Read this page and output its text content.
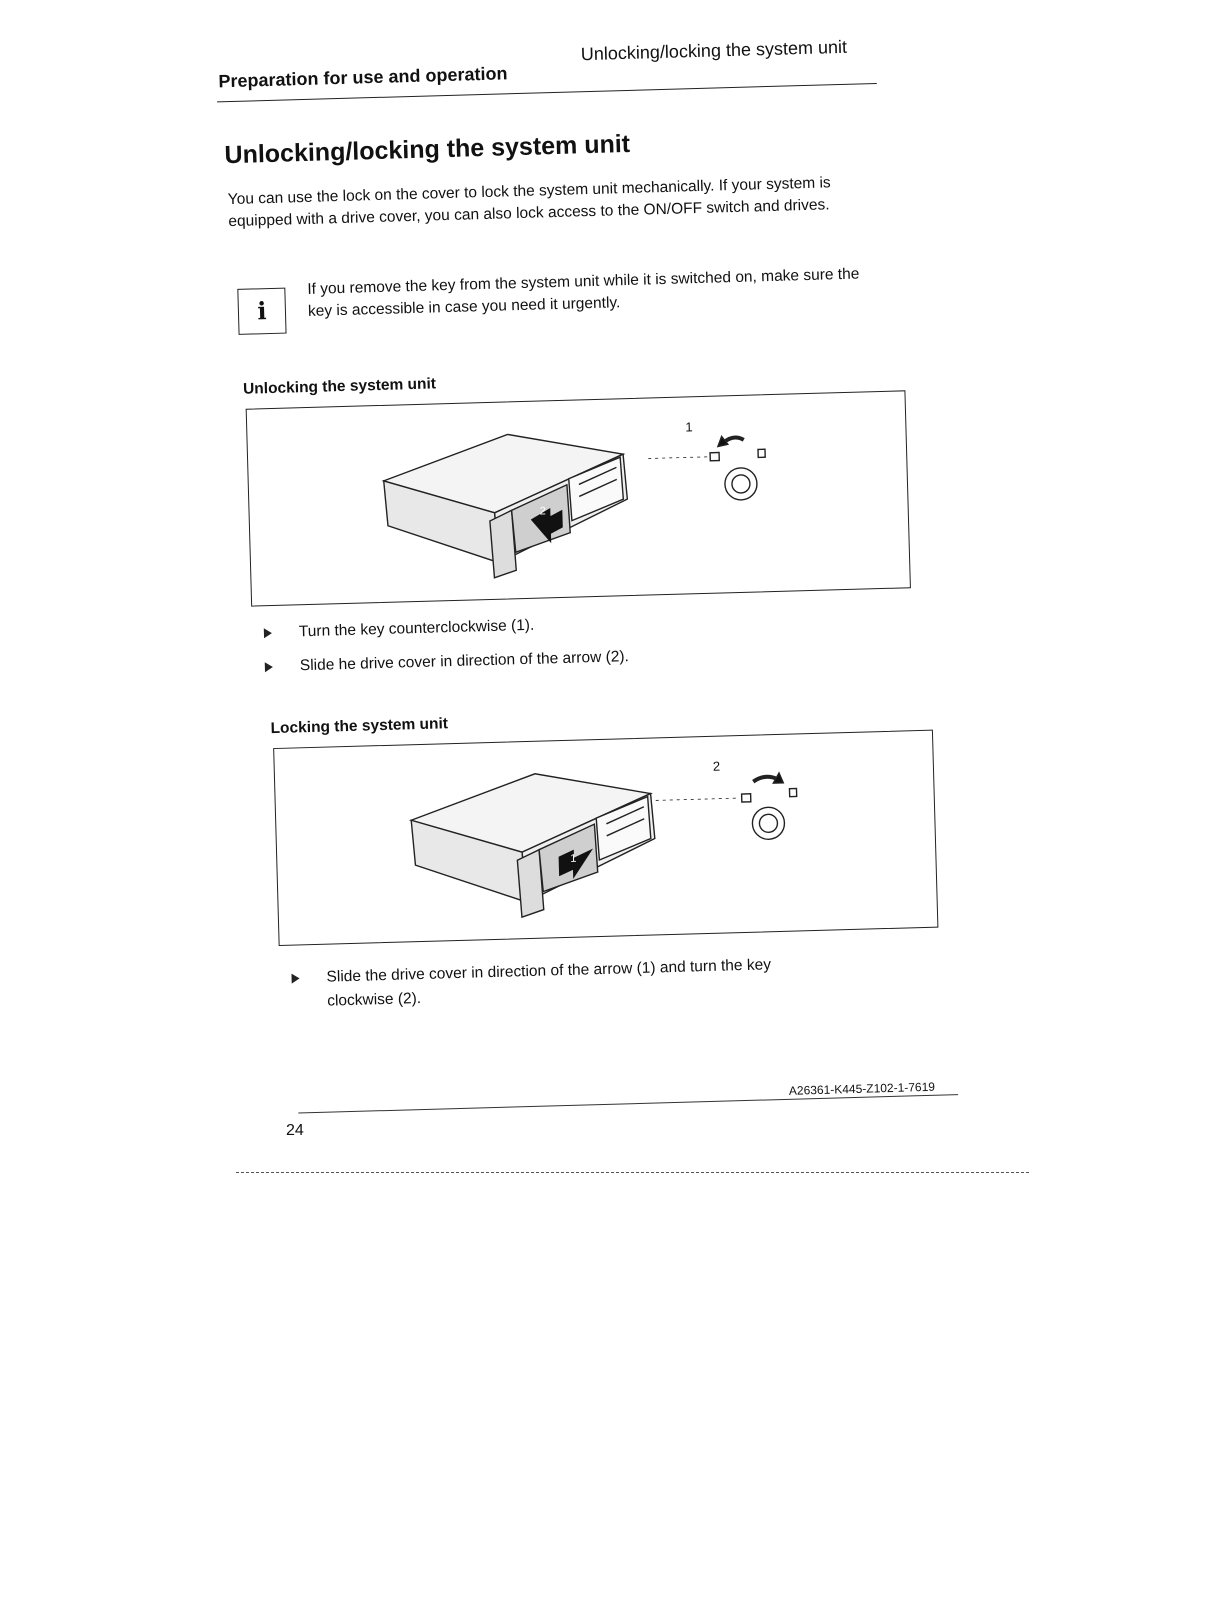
Preparation for use and operation
Unlocking/locking the system unit
Unlocking/locking the system unit
You can use the lock on the cover to lock the system unit mechanically. If your system is equipped with a drive cover, you can also lock access to the ON/OFF switch and drives.
i
If you remove the key from the system unit while it is switched on, make sure the key is accessible in case you need it urgently.
Unlocking the system unit
1
2
Turn the key counterclockwise (1).
Slide he drive cover in direction of the arrow (2).
Locking the system unit
2
1
Slide the drive cover in direction of the arrow (1) and turn the key
clockwise (2).
A26361-K445-Z102-1-7619
24
